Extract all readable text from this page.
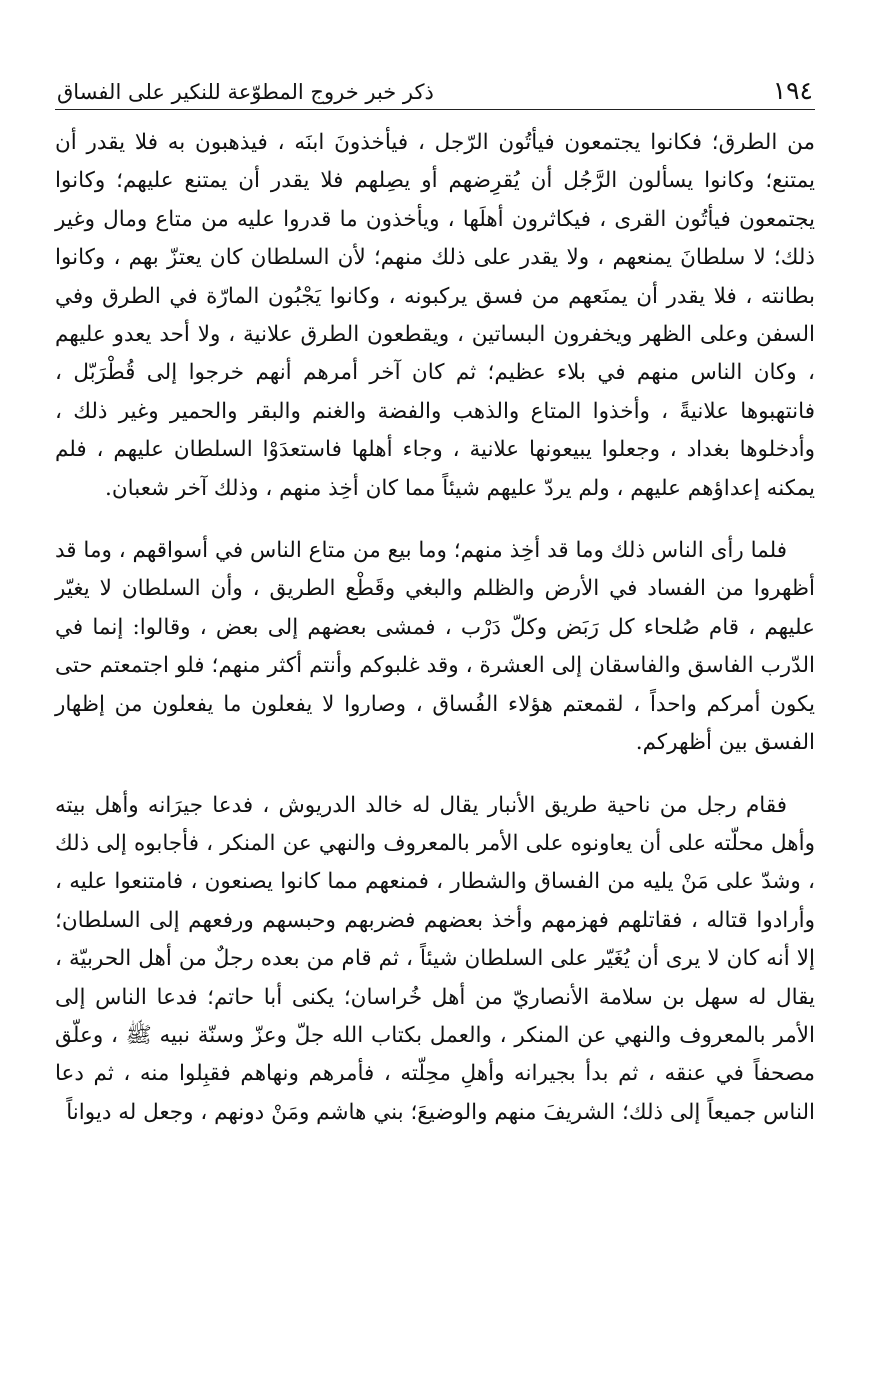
١٩٤
ذكر خبر خروج المطوّعة للنكير على الفساق

من الطرق؛ فكانوا يجتمعون فيأتُون الرّجل ، فيأخذونَ ابنَه ، فيذهبون به فلا يقدر أن يمتنع؛ وكانوا يسألون الرَّجُل أن يُقرِضهم أو يصِلهم فلا يقدر أن يمتنع عليهم؛ وكانوا يجتمعون فيأتُون القرى ، فيكاثرون أهلَها ، ويأخذون ما قدروا عليه من متاع ومال وغير ذلك؛ لا سلطانَ يمنعهم ، ولا يقدر على ذلك منهم؛ لأن السلطان كان يعتزّ بهم ، وكانوا بطانته ، فلا يقدر أن يمنَعهم من فسق يركبونه ، وكانوا يَجْبُون المارّة في الطرق وفي السفن وعلى الظهر ويخفرون البساتين ، ويقطعون الطرق علانية ، ولا أحد يعدو عليهم ، وكان الناس منهم في بلاء عظيم؛ ثم كان آخر أمرهم أنهم خرجوا إلى قُطْرَبّل ، فانتهبوها علانيةً ، وأخذوا المتاع والذهب والفضة والغنم والبقر والحمير وغير ذلك ، وأدخلوها بغداد ، وجعلوا يبيعونها علانية ، وجاء أهلها فاستعدَوْا السلطان عليهم ، فلم يمكنه إعداؤهم عليهم ، ولم يردّ عليهم شيئاً مما كان أخِذ منهم ، وذلك آخر شعبان.

فلما رأى الناس ذلك وما قد أخِذ منهم؛ وما بيع من متاع الناس في أسواقهم ، وما قد أظهروا من الفساد في الأرض والظلم والبغي وقَطْع الطريق ، وأن السلطان لا يغيّر عليهم ، قام صُلحاء كل رَبَض وكلّ دَرْب ، فمشى بعضهم إلى بعض ، وقالوا: إنما في الدّرب الفاسق والفاسقان إلى العشرة ، وقد غلبوكم وأنتم أكثر منهم؛ فلو اجتمعتم حتى يكون أمركم واحداً ، لقمعتم هؤلاء الفُساق ، وصاروا لا يفعلون ما يفعلون من إظهار الفسق بين أظهركم.

فقام رجل من ناحية طريق الأنبار يقال له خالد الدريوش ، فدعا جيرَانه وأهل بيته وأهل محلّته على أن يعاونوه على الأمر بالمعروف والنهي عن المنكر ، فأجابوه إلى ذلك ، وشدّ على مَنْ يليه من الفساق والشطار ، فمنعهم مما كانوا يصنعون ، فامتنعوا عليه ، وأرادوا قتاله ، فقاتلهم فهزمهم وأخذ بعضهم فضربهم وحبسهم ورفعهم إلى السلطان؛ إلا أنه كان لا يرى أن يُغَيّر على السلطان شيئاً ، ثم قام من بعده رجلٌ من أهل الحربيّة ، يقال له سهل بن سلامة الأنصاريّ من أهل خُراسان؛ يكنى أبا حاتم؛ فدعا الناس إلى الأمر بالمعروف والنهي عن المنكر ، والعمل بكتاب الله جلّ وعزّ وسنّة نبيه ﷺ ، وعلّق مصحفاً في عنقه ، ثم بدأ بجيرانه وأهلِ محِلّته ، فأمرهم ونهاهم فقبِلوا منه ، ثم دعا الناس جميعاً إلى ذلك؛ الشريفَ منهم والوضيعَ؛ بني هاشم ومَنْ دونهم ، وجعل له ديواناً
